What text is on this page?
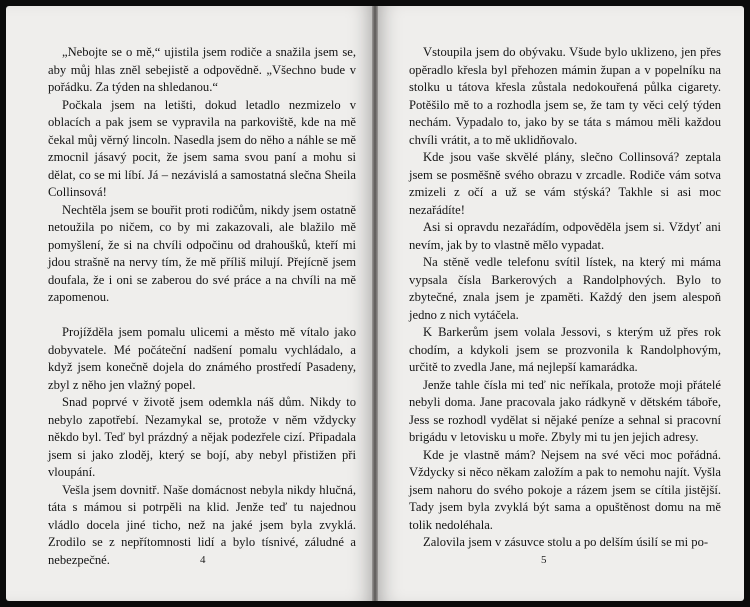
„Nebojte se o mě,“ ujistila jsem rodiče a snažila jsem se, aby můj hlas zněl sebejistě a odpovědně. „Všechno bude v pořádku. Za týden na shledanou.“

Počkala jsem na letišti, dokud letadlo nezmizelo v oblacích a pak jsem se vypravila na parkoviště, kde na mě čekal můj věrný lincoln. Nasedla jsem do něho a náhle se mě zmocnil jásavý pocit, že jsem sama svou paní a mohu si dělat, co se mi líbí. Já – nezávislá a samostatná slečna Sheila Collinsová!

Nechtěla jsem se bouřit proti rodičům, nikdy jsem ostatně netoužila po ničem, co by mi zakazovali, ale blažilo mě pomyšlení, že si na chvíli odpočinu od drahoušků, kteří mi jdou strašně na nervy tím, že mě příliš milují. Přejícně jsem doufala, že i oni se zaberou do své práce a na chvíli na mě zapomenou.

Projížděla jsem pomalu ulicemi a město mě vítalo jako dobyvatele. Mé počáteční nadšení pomalu vychládalo, a když jsem konečně dojela do známého prostředí Pasadeny, zbyl z něho jen vlažný popel.

Snad poprvé v životě jsem odemkla náš dům. Nikdy to nebylo zapotřebí. Nezamykal se, protože v něm vždycky někdo byl. Teď byl prázdný a nějak podezřele cizí. Připadala jsem si jako zloděj, který se bojí, aby nebyl přistižen při vloupání.

Vešla jsem dovnitř. Naše domácnost nebyla nikdy hlučná, táta s mámou si potrpěli na klid. Jenže teď tu najednou vládlo docela jiné ticho, než na jaké jsem byla zvyklá. Zrodilo se z nepřítomnosti lidí a bylo tísnivé, záludné a nebezpečné.	4

Vstoupila jsem do obývaku. Všude bylo uklizeno, jen přes opěradlo křesla byl přehozen mámin župan a v popelníku na stolku u tátova křesla zůstala nedokouřená půlka cigarety. Potěšilo mě to a rozhodla jsem se, že tam ty věci celý týden nechám. Vypadalo to, jako by se táta s mámou měli každou chvíli vrátit, a to mě uklidňovalo.

Kde jsou vaše skvělé plány, slečno Collinsová? zeptala jsem se posměšně svého obrazu v zrcadle. Rodiče vám sotva zmizeli z očí a už se vám stýská? Takhle si asi moc nezařádíte!

Asi si opravdu nezařádím, odpověděla jsem si. Vždyť ani nevím, jak by to vlastně mělo vypadat.

Na stěně vedle telefonu svítil lístek, na který mi máma vypsala čísla Barkerových a Randolphových. Bylo to zbytečné, znala jsem je zpaměti. Každý den jsem alespoň jedno z nich vytáčela.

K Barkerům jsem volala Jessovi, s kterým už přes rok chodím, a kdykoli jsem se prozvonila k Randolphovým, určitě to zvedla Jane, má nejlepší kamarádka.

Jenže tahle čísla mi teď nic neříkala, protože moji přátelé nebyli doma. Jane pracovala jako rádkyně v dětském táboře, Jess se rozhodl vydělat si nějaké peníze a sehnal si pracovní brigádu v letovisku u moře. Zbyly mi tu jen jejich adresy.

Kde je vlastně mám? Nejsem na své věci moc pořádná. Vždycky si něco někam založím a pak to nemohu najít. Vyšla jsem nahoru do svého pokoje a rázem jsem se cítila jistější. Tady jsem byla zvyklá být sama a opuštěnost domu na mě tolik nedoléhala.

Zalovila jsem v zásuvce stolu a po delším úsilí se mi po-

5
